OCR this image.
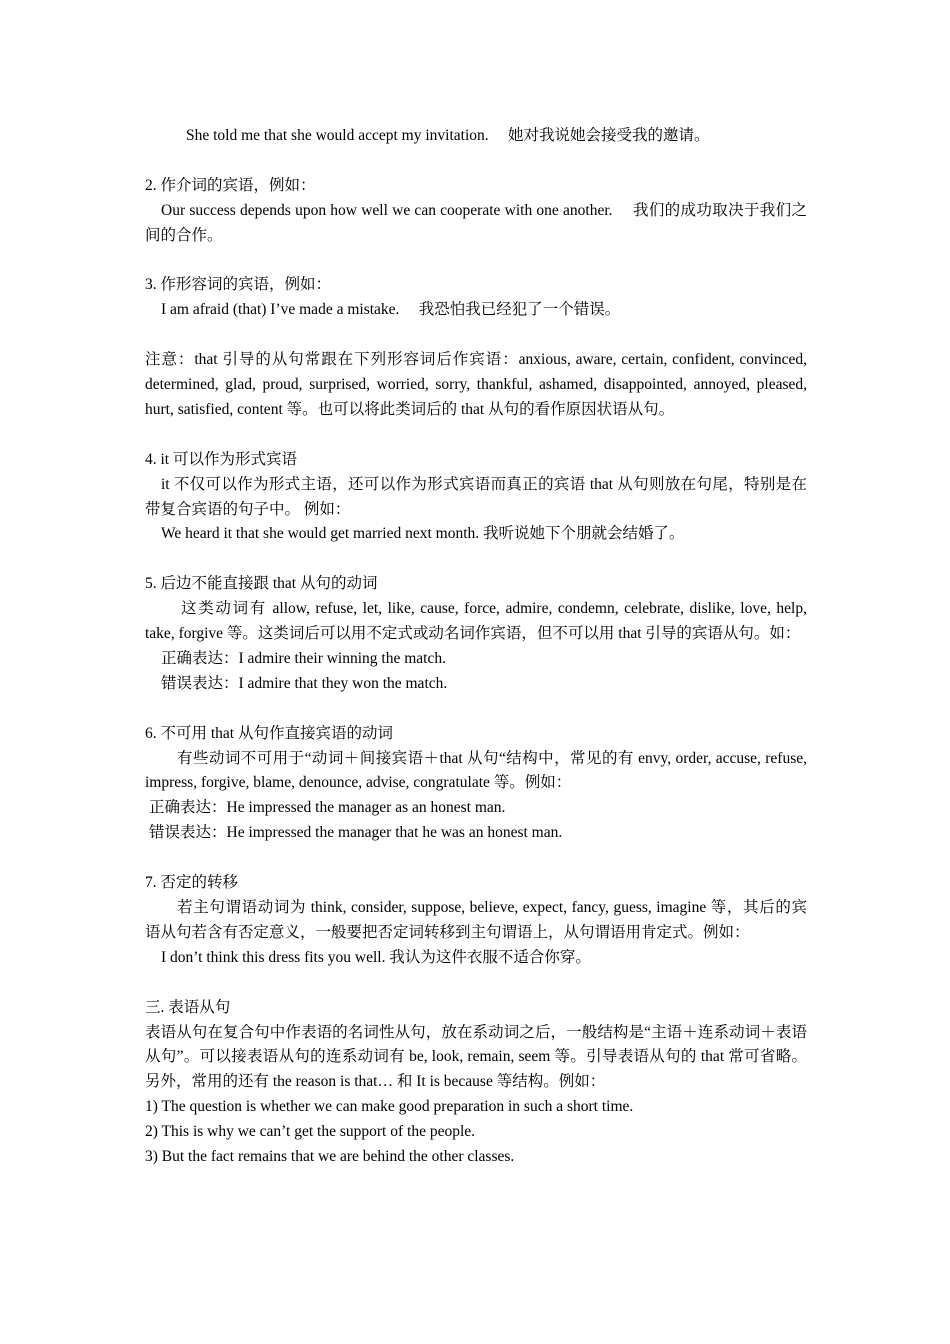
She told me that she would accept my invitation.　 她对我说她会接受我的邀请。

2. 作介词的宾语，例如：

Our success depends upon how well we can cooperate with one another.　 我们的成功取决于我们之间的合作。

3. 作形容词的宾语，例如：

I am afraid (that) I’ve made a mistake.　 我恐怕我已经犯了一个错误。

注意：that 引导的从句常跟在下列形容词后作宾语：anxious, aware, certain, confident, convinced, determined, glad, proud, surprised, worried, sorry, thankful, ashamed, disappointed, annoyed, pleased, hurt, satisfied, content 等。也可以将此类词后的 that 从句的看作原因状语从句。

4. it 可以作为形式宾语

it 不仅可以作为形式主语，还可以作为形式宾语而真正的宾语 that 从句则放在句尾，特别是在带复合宾语的句子中。 例如：

We heard it that she would get married next month. 我听说她下个朋就会结婚了。

5. 后边不能直接跟 that 从句的动词

这类动词有 allow, refuse, let, like, cause, force, admire, condemn, celebrate, dislike, love, help, take, forgive 等。这类词后可以用不定式或动名词作宾语，但不可以用 that 引导的宾语从句。如：

正确表达：I admire their winning the match.

错误表达：I admire that they won the match.

6. 不可用 that 从句作直接宾语的动词

有些动词不可用于“动词＋间接宾语＋that 从句“结构中，常见的有 envy, order, accuse, refuse, impress, forgive, blame, denounce, advise, congratulate 等。例如：

正确表达：He impressed the manager as an honest man.

错误表达：He impressed the manager that he was an honest man.

7. 否定的转移

若主句谓语动词为 think, consider, suppose, believe, expect, fancy, guess, imagine 等，其后的宾语从句若含有否定意义，一般要把否定词转移到主句谓语上，从句谓语用肯定式。例如：

I don’t think this dress fits you well. 我认为这件衣服不适合你穿。

三. 表语从句

表语从句在复合句中作表语的名词性从句，放在系动词之后，一般结构是“主语＋连系动词＋表语从句”。可以接表语从句的连系动词有 be, look, remain, seem 等。引导表语从句的 that 常可省略。另外，常用的还有 the reason is that… 和 It is because 等结构。例如：

1) The question is whether we can make good preparation in such a short time.

2) This is why we can’t get the support of the people.

3) But the fact remains that we are behind the other classes.
